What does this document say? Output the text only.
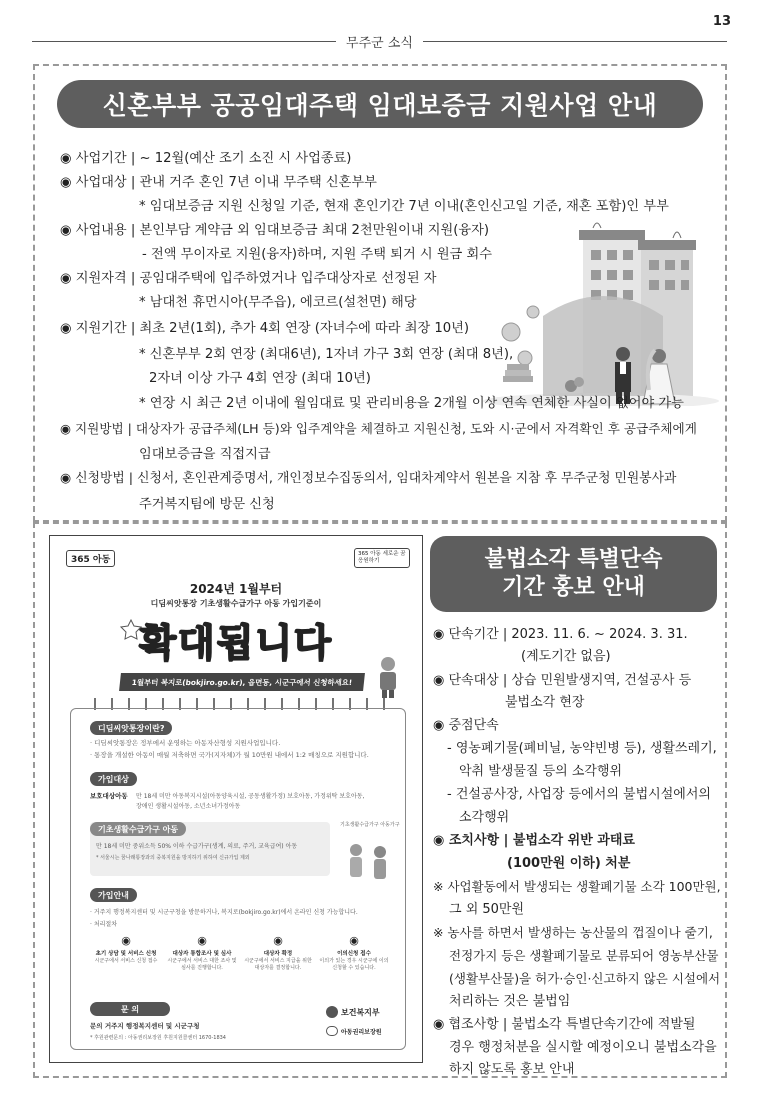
13
무주군 소식
신혼부부 공공임대주택 임대보증금 지원사업 안내
◉ 사업기간 | ~ 12월(예산 조기 소진 시 사업종료)
◉ 사업대상 | 관내 거주 혼인 7년 이내 무주택 신혼부부
* 임대보증금 지원 신청일 기준, 현재 혼인기간 7년 이내(혼인신고일 기준, 재혼 포함)인 부부
◉ 사업내용 | 본인부담 계약금 외 임대보증금 최대 2천만원이내 지원(융자)
- 전액 무이자로 지원(융자)하며, 지원 주택 퇴거 시 원금 회수
◉ 지원자격 | 공임대주택에 입주하였거나 입주대상자로 선정된 자
* 남대천 휴먼시아(무주읍), 에코르(설천면) 해당
◉ 지원기간 | 최초 2년(1회), 추가 4회 연장 (자녀수에 따라 최장 10년)
* 신혼부부 2회 연장 (최대6년), 1자녀 가구 3회 연장 (최대 8년),
2자녀 이상 가구 4회 연장 (최대 10년)
* 연장 시 최근 2년 이내에 월임대료 및 관리비용을 2개월 이상 연속 연체한 사실이 없어야 가능
◉ 지원방법 | 대상자가 공급주체(LH 등)와 입주계약을 체결하고 지원신청, 도와 시·군에서 자격확인 후 공급주체에게
임대보증금을 직접지급
◉ 신청방법 | 신청서, 혼인관계증명서, 개인정보수집동의서, 임대차계약서 원본을 지참 후 무주군청 민원봉사과
주거복지팀에 방문 신청
365 아동
365 아동 세로운 꿈 응원하기
2024년 1월부터
디딤씨앗통장 기초생활수급가구 아동 가입기준이
확대됩니다
1월부터 복지로(bokjiro.go.kr), 읍면동, 시군구에서 신청하세요!
디딤씨앗통장이란?
· 디딤씨앗통장은 정부에서 운영하는 아동자산형성 지원사업입니다.
· 통장을 개설한 아동이 매월 저축하면 국가(지자체)가 월 10만원 내에서 1:2 매칭으로 지원합니다.
가입대상
보호대상아동 만 18세 미만 아동복지시설(아동양육시설, 공동생활가정) 보호아동, 가정위탁 보호아동,
장애인 생활시설아동, 소년소녀가정아동
기초생활수급가구 아동
만 18세 미만 중위소득 50% 이하 수급가구(생계, 의료, 주거, 교육급여) 아동
* 서울시는 꿈나래통장과의 중복지원을 방지하기 위하여 신규가입 제외
기초생활수급가구 아동가구
가입안내
· 거주지 행정복지센터 및 시군구청을 방문하거나, 복지로(bokjiro.go.kr)에서 온라인 신청 가능합니다.
· 처리절차
◉
초기 상담 및 서비스 신청
시군구에서 서비스 신청 접수
◉
대상자 통합조사 및 심사
시군구에서 서비스 대한 조사 및 심사를 진행합니다.
◉
대상자 확정
시군구에서 서비스 지급을 위한 대상자를 결정합니다.
◉
이의신청 접수
이의가 있는 경우 시군구에 이의신청할 수 있습니다.
문 의
문의 거주지 행정복지센터 및 시군구청
* 후원관련문의 : 아동권리보장원 후원지원콜센터 1670-1834
보건복지부
아동권리보장원
불법소각 특별단속
기간 홍보 안내
◉ 단속기간 | 2023. 11. 6. ~ 2024. 3. 31.
(계도기간 없음)
◉ 단속대상 | 상습 민원발생지역, 건설공사 등
불법소각 현장
◉ 중점단속
- 영농폐기물(폐비닐, 농약빈병 등), 생활쓰레기,
악취 발생물질 등의 소각행위
- 건설공사장, 사업장 등에서의 불법시설에서의
소각행위
◉ 조치사항 | 불법소각 위반 과태료
(100만원 이하) 처분
※ 사업활동에서 발생되는 생활폐기물 소각 100만원,
그 외 50만원
※ 농사를 하면서 발생하는 농산물의 껍질이나 줄기,
전정가지 등은 생활폐기물로 분류되어 영농부산물
(생활부산물)을 허가·승인·신고하지 않은 시설에서
처리하는 것은 불법임
◉ 협조사항 | 불법소각 특별단속기간에 적발될
경우 행정처분을 실시할 예정이오니 불법소각을
하지 않도록 홍보 안내
